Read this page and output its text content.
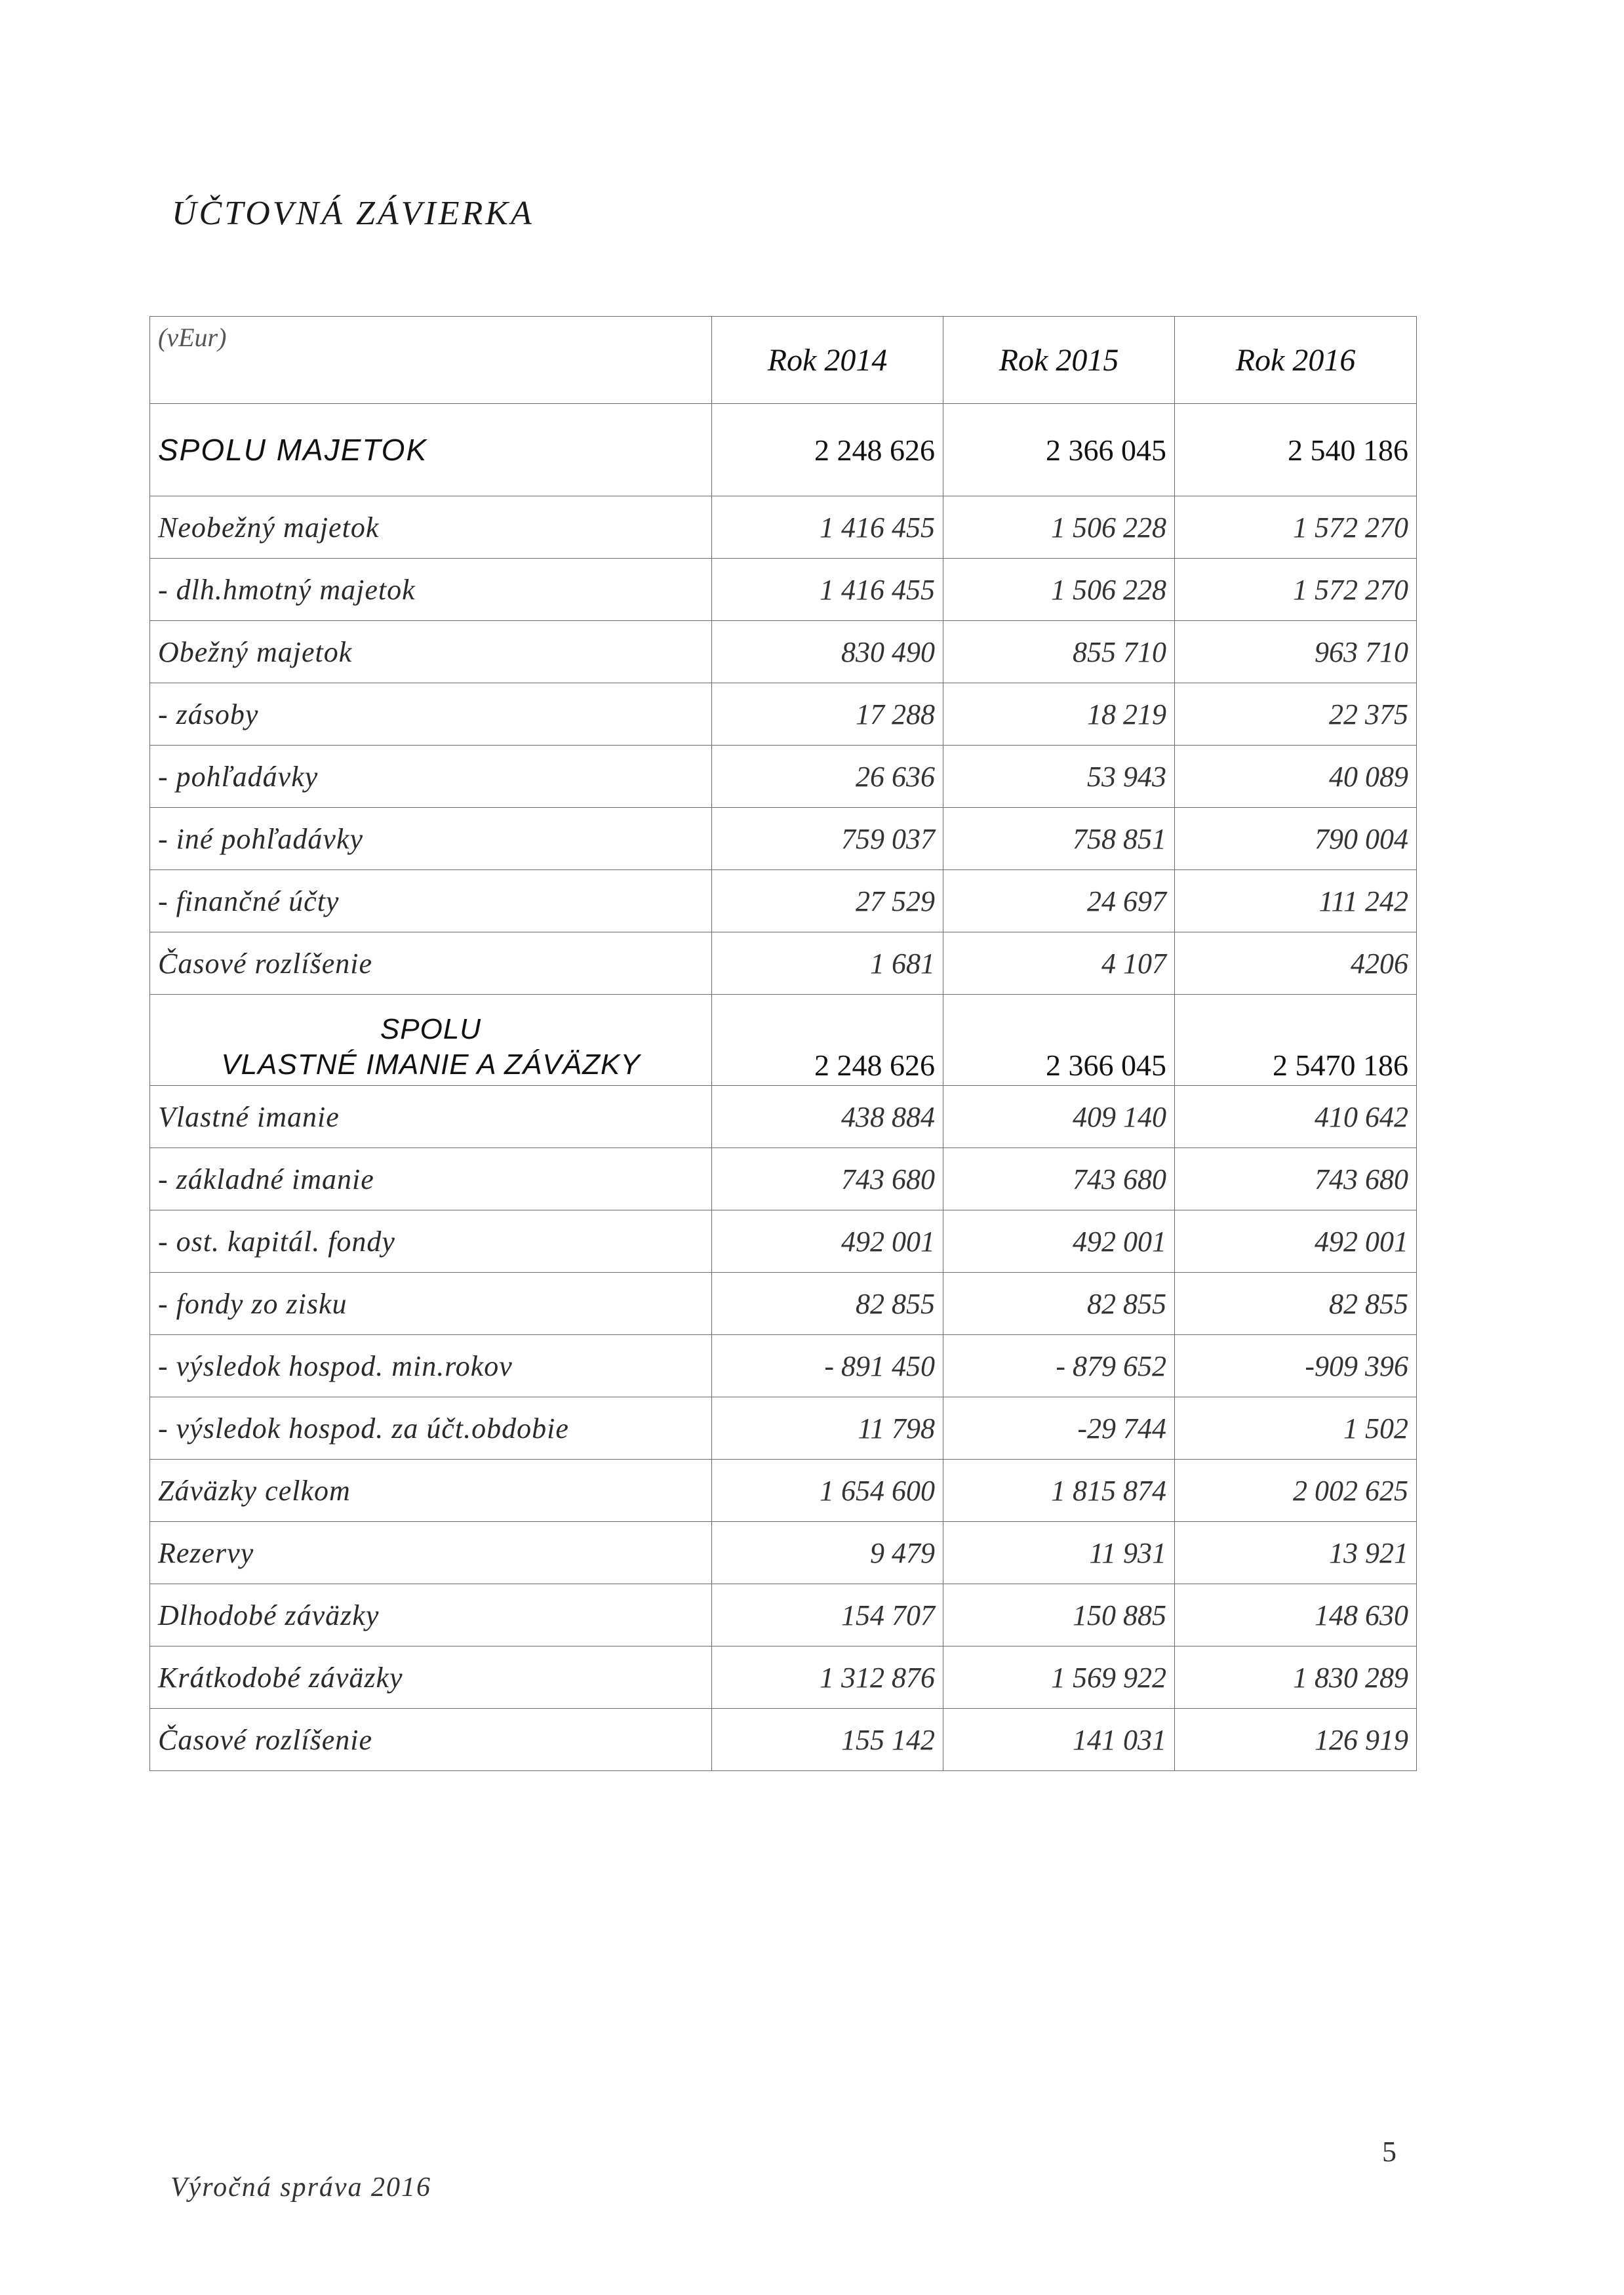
ÚČTOVNÁ ZÁVIERKA
(vEur)	Rok 2014	Rok 2015	Rok 2016
SPOLU MAJETOK	2 248 626	2 366 045	2 540 186
Neobežný majetok	1 416 455	1 506 228	1 572 270
- dlh.hmotný majetok	1 416 455	1 506 228	1 572 270
Obežný majetok	830 490	855 710	963 710
- zásoby	17 288	18 219	22 375
- pohľadávky	26 636	53 943	40 089
- iné pohľadávky	759 037	758 851	790 004
- finančné účty	27 529	24 697	111 242
Časové rozlíšenie	1 681	4 107	4206

SPOLU
VLASTNÉ IMANIE A ZÁVÄZKY	2 248 626	2 366 045	2 5470 186
Vlastné imanie	438 884	409 140	410 642
- základné imanie	743 680	743 680	743 680
- ost. kapitál. fondy	492 001	492 001	492 001
- fondy zo zisku	82 855	82 855	82 855
- výsledok hospod. min.rokov	- 891 450	- 879 652	-909 396
- výsledok hospod. za účt.obdobie	11 798	-29 744	1 502
Záväzky celkom	1 654 600	1 815 874	2 002 625
Rezervy	9 479	11 931	13 921
Dlhodobé záväzky	154 707	150 885	148 630
Krátkodobé záväzky	1 312 876	1 569 922	1 830 289
Časové rozlíšenie	155 142	141 031	126 919
Výročná správa 2016
5
